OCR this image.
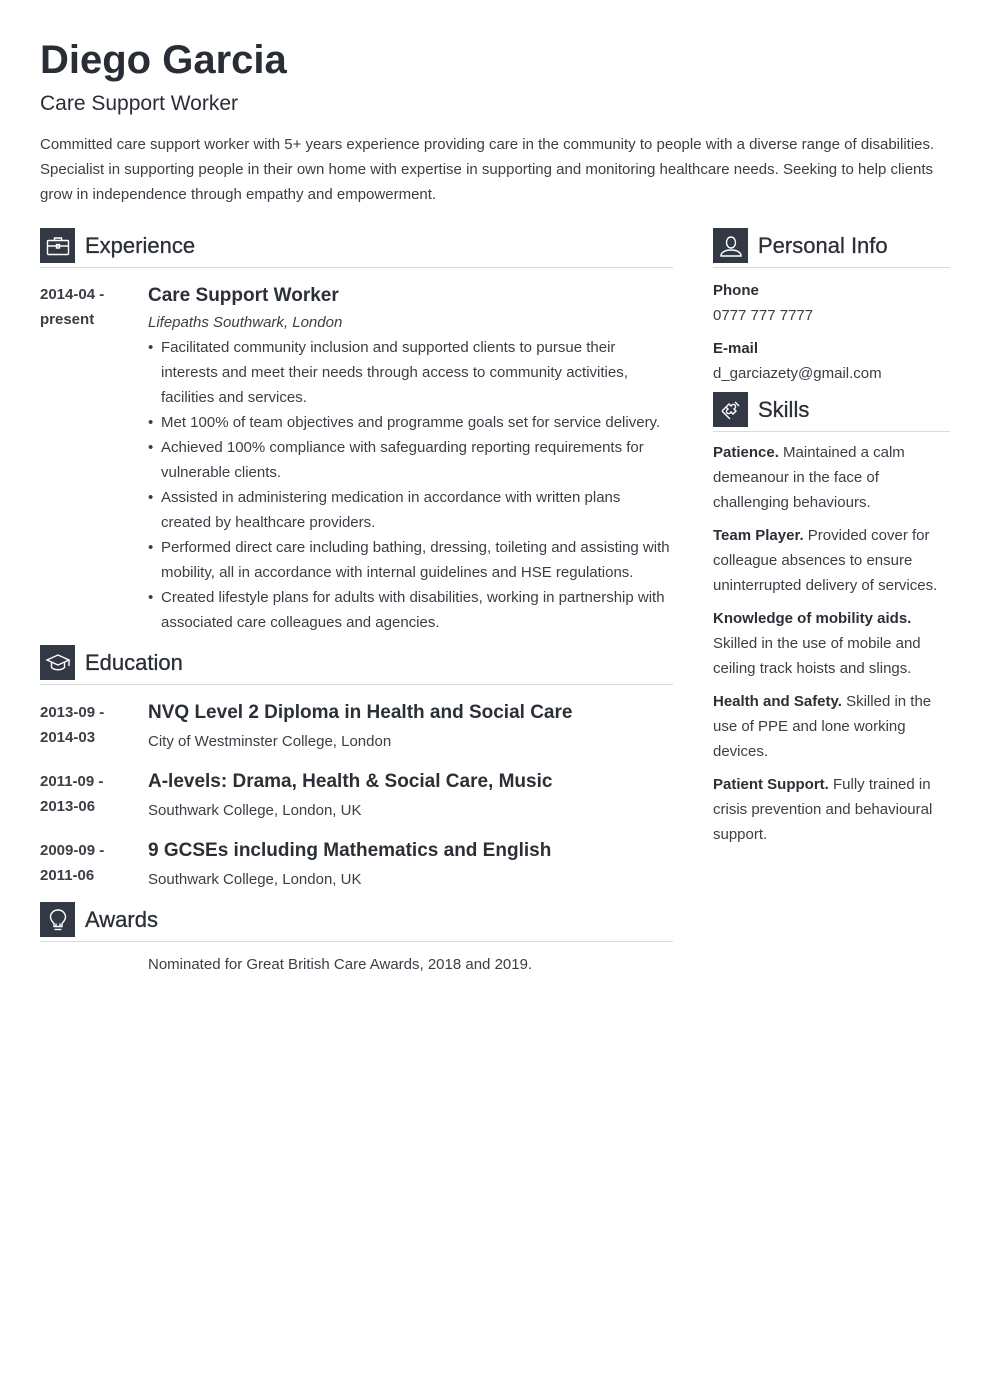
Diego Garcia
Care Support Worker
Committed care support worker with 5+ years experience providing care in the community to people with a diverse range of disabilities. Specialist in supporting people in their own home with expertise in supporting and monitoring healthcare needs. Seeking to help clients grow in independence through empathy and empowerment.
Experience
2014-04 -
present
Care Support Worker
Lifepaths Southwark, London
• Facilitated community inclusion and supported clients to pursue their interests and meet their needs through access to community activities, facilities and services.
• Met 100% of team objectives and programme goals set for service delivery.
• Achieved 100% compliance with safeguarding reporting requirements for vulnerable clients.
• Assisted in administering medication in accordance with written plans created by healthcare providers.
• Performed direct care including bathing, dressing, toileting and assisting with mobility, all in accordance with internal guidelines and HSE regulations.
• Created lifestyle plans for adults with disabilities, working in partnership with associated care colleagues and agencies.
Education
2013-09 -
2014-03
NVQ Level 2 Diploma in Health and Social Care
City of Westminster College, London
2011-09 -
2013-06
A-levels: Drama, Health & Social Care, Music
Southwark College, London, UK
2009-09 -
2011-06
9 GCSEs including Mathematics and English
Southwark College, London, UK
Awards
Nominated for Great British Care Awards, 2018 and 2019.
Personal Info
Phone
0777 777 7777
E-mail
d_garciazety@gmail.com
Skills
Patience. Maintained a calm demeanour in the face of challenging behaviours.
Team Player. Provided cover for colleague absences to ensure uninterrupted delivery of services.
Knowledge of mobility aids. Skilled in the use of mobile and ceiling track hoists and slings.
Health and Safety. Skilled in the use of PPE and lone working devices.
Patient Support. Fully trained in crisis prevention and behavioural support.
